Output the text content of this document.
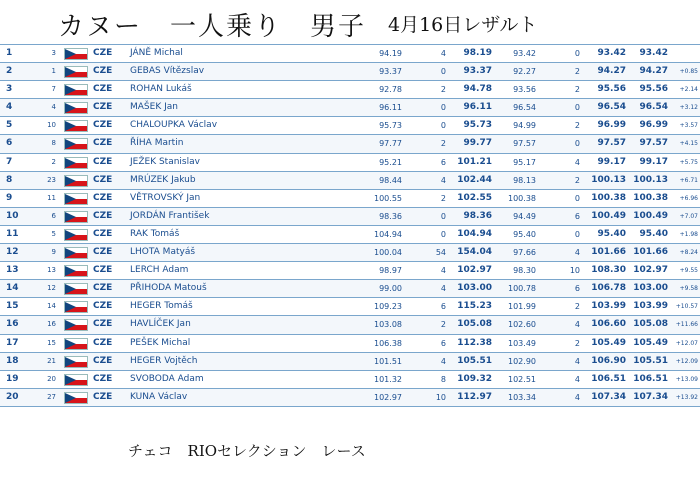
カヌー　一人乗り　男子 4月16日レザルト
1	3	CZE JÁNĚ Michal	94.19	4	98.19	93.42	0	93.42	93.42
2	1	CZE GEBAS Vítězslav	93.37	0	93.37	92.27	2	94.27	94.27	+0.85
3	7	CZE ROHAN Lukáš	92.78	2	94.78	93.56	2	95.56	95.56	+2.14
4	4	CZE MAŠEK Jan	96.11	0	96.11	96.54	0	96.54	96.54	+3.12
5	10	CZE CHALOUPKA Václav	95.73	0	95.73	94.99	2	96.99	96.99	+3.57
6	8	CZE ŘÍHA Martin	97.77	2	99.77	97.57	0	97.57	97.57	+4.15
7	2	CZE JEŽEK Stanislav	95.21	6	101.21	95.17	4	99.17	99.17	+5.75
8	23	CZE MRÚZEK Jakub	98.44	4	102.44	98.13	2	100.13 100.13	+6.71
9	11	CZE VĚTROVSKÝ Jan	100.55	2	102.55	100.38	0	100.38 100.38	+6.96
10	6	CZE JORDÁN František	98.36	0	98.36	94.49	6	100.49 100.49	+7.07
11	5	CZE RAK Tomáš	104.94	0	104.94	95.40	0	95.40	95.40	+1.98
12	9	CZE LHOTA Matyáš	100.04	54	154.04	97.66	4	101.66 101.66	+8.24
13	13	CZE LERCH Adam	98.97	4	102.97	98.30	10	108.30 102.97	+9.55
14	12	CZE PŘIHODA Matouš	99.00	4	103.00	100.78	6	106.78 103.00	+9.58
15	14	CZE HEGER Tomáš	109.23	6	115.23	101.99	2	103.99 103.99	+10.57
16	16	CZE HAVLÍČEK Jan	103.08	2	105.08	102.60	4	106.60 105.08	+11.66
17	15	CZE PEŠEK Michal	106.38	6	112.38	103.49	2	105.49 105.49	+12.07
18	21	CZE HEGER Vojtěch	101.51	4	105.51	102.90	4	106.90 105.51	+12.09
19	20	CZE SVOBODA Adam	101.32	8	109.32	102.51	4	106.51 106.51	+13.09
20	27	CZE KUNA Václav	102.97	10	112.97	103.34	4	107.34 107.34	+13.92
チェコ　RIOセレクション　レース
